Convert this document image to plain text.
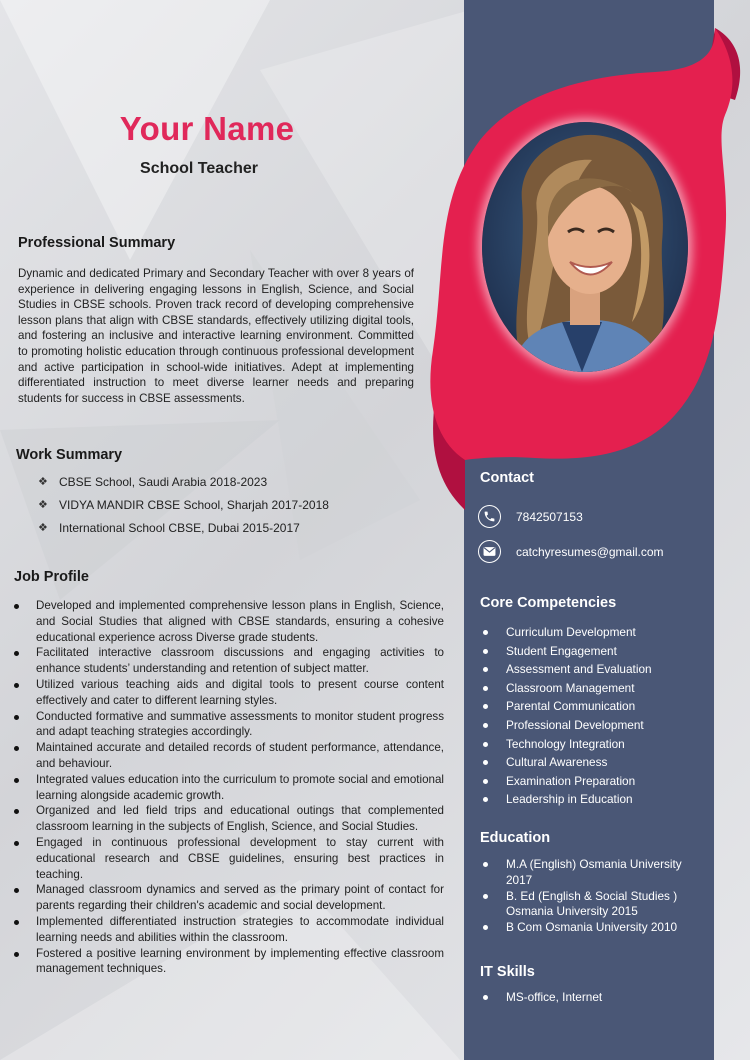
Your Name
School Teacher
Professional Summary

Dynamic and dedicated Primary and Secondary Teacher with over 8 years of experience in delivering engaging lessons in English, Science, and Social Studies in CBSE schools. Proven track record of developing comprehensive lesson plans that align with CBSE standards, effectively utilizing digital tools, and fostering an inclusive and interactive learning environment. Committed to promoting holistic education through continuous professional development and active participation in school-wide initiatives. Adept at implementing differentiated instruction to meet diverse learner needs and preparing students for success in CBSE assessments.

Work Summary
❖ CBSE School, Saudi Arabia 2018-2023
❖ VIDYA MANDIR CBSE School, Sharjah 2017-2018
❖ International School CBSE, Dubai 2015-2017
Job Profile
Developed and implemented comprehensive lesson plans in English, Science, and Social Studies that aligned with CBSE standards, ensuring a cohesive educational experience across Diverse grade students.
Facilitated interactive classroom discussions and engaging activities to enhance students’ understanding and retention of subject matter.
Utilized various teaching aids and digital tools to present course content effectively and cater to different learning styles.
Conducted formative and summative assessments to monitor student progress and adapt teaching strategies accordingly.
Maintained accurate and detailed records of student performance, attendance, and behaviour.
Integrated values education into the curriculum to promote social and emotional learning alongside academic growth.
Organized and led field trips and educational outings that complemented classroom learning in the subjects of English, Science, and Social Studies.
Engaged in continuous professional development to stay current with educational research and CBSE guidelines, ensuring best practices in teaching.
Managed classroom dynamics and served as the primary point of contact for parents regarding their children's academic and social development.
Implemented differentiated instruction strategies to accommodate individual learning needs and abilities within the classroom.
Fostered a positive learning environment by implementing effective classroom management techniques.
Contact
7842507153
catchyresumes@gmail.com
Core Competencies
Curriculum Development
Student Engagement
Assessment and Evaluation
Classroom Management
Parental Communication
Professional Development
Technology Integration
Cultural Awareness
Examination Preparation
Leadership in Education
Education
M.A (English) Osmania University 2017
B. Ed (English & Social Studies ) Osmania University 2015
B Com Osmania University 2010
IT Skills
MS-office, Internet
